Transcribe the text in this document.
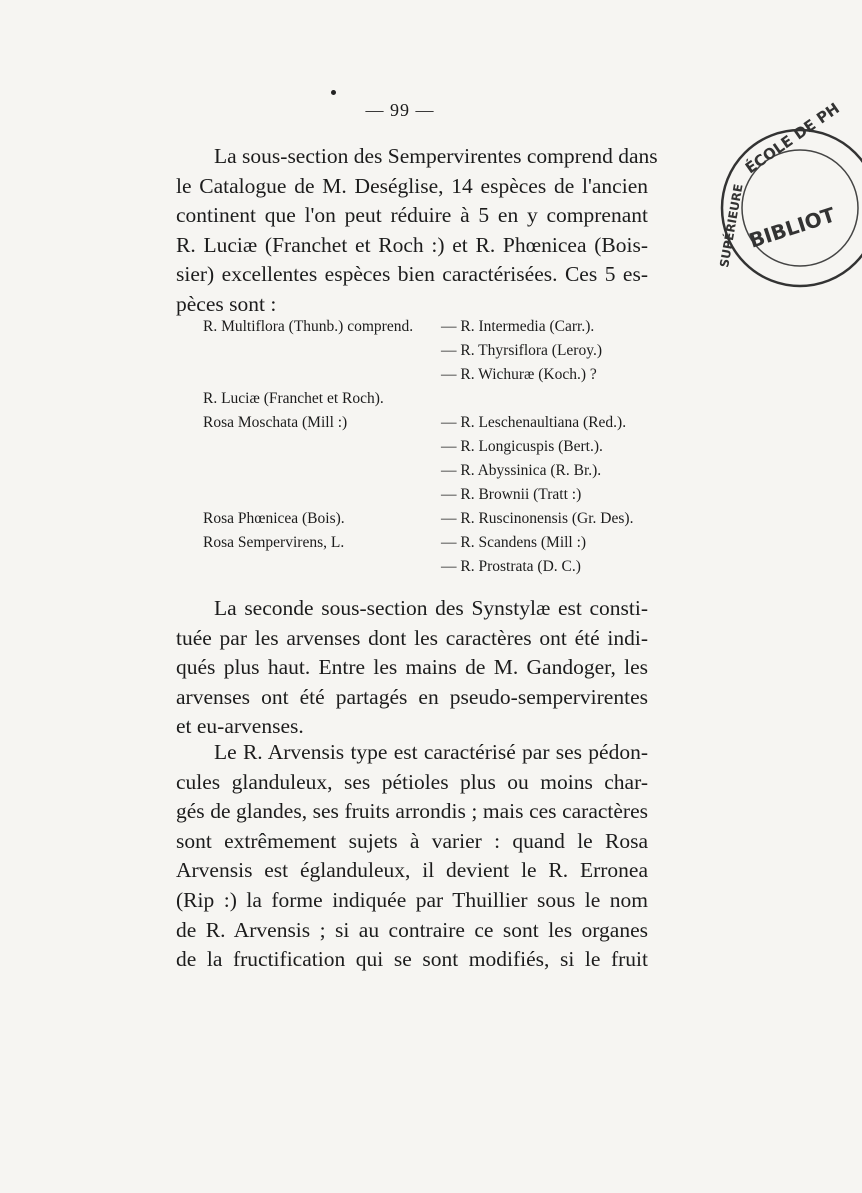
— 99 —

La sous-section des Sempervirentes comprend dans
le Catalogue de M. Deséglise, 14 espèces de l'ancien
continent que l'on peut réduire à 5 en y comprenant
R. Luciæ (Franchet et Roch :) et R. Phœnicea (Bois-
sier) excellentes espèces bien caractérisées. Ces 5 es-
pèces sont :

R. Multiflora (Thunb.) comprend. — R. Intermedia (Carr.).
— R. Thyrsiflora (Leroy.)
— R. Wichuræ (Koch.) ?
R. Luciæ (Franchet et Roch).
Rosa Moschata (Mill :)	— R. Leschenaultiana (Red.).
— R. Longicuspis (Bert.).
— R. Abyssinica (R. Br.).
— R. Brownii (Tratt :)
Rosa Phœnicea (Bois).	— R. Ruscinonensis (Gr. Des).
Rosa Sempervirens, L.	— R. Scandens (Mill :)
— R. Prostrata (D. C.)

La seconde sous-section des Synstylæ est consti-
tuée par les arvenses dont les caractères ont été indi-
qués plus haut. Entre les mains de M. Gandoger, les
arvenses ont été partagés en pseudo-sempervirentes
et eu-arvenses.

Le R. Arvensis type est caractérisé par ses pédon-
cules glanduleux, ses pétioles plus ou moins char-
gés de glandes, ses fruits arrondis ; mais ces caractères
sont extrêmement sujets à varier : quand le Rosa
Arvensis est églanduleux, il devient le R. Erronea
(Rip :) la forme indiquée par Thuillier sous le nom
de R. Arvensis ; si au contraire ce sont les organes
de la fructification qui se sont modifiés, si le fruit

ÉCOLE DE PH
SUPÉRIEURE BIBLIOT
